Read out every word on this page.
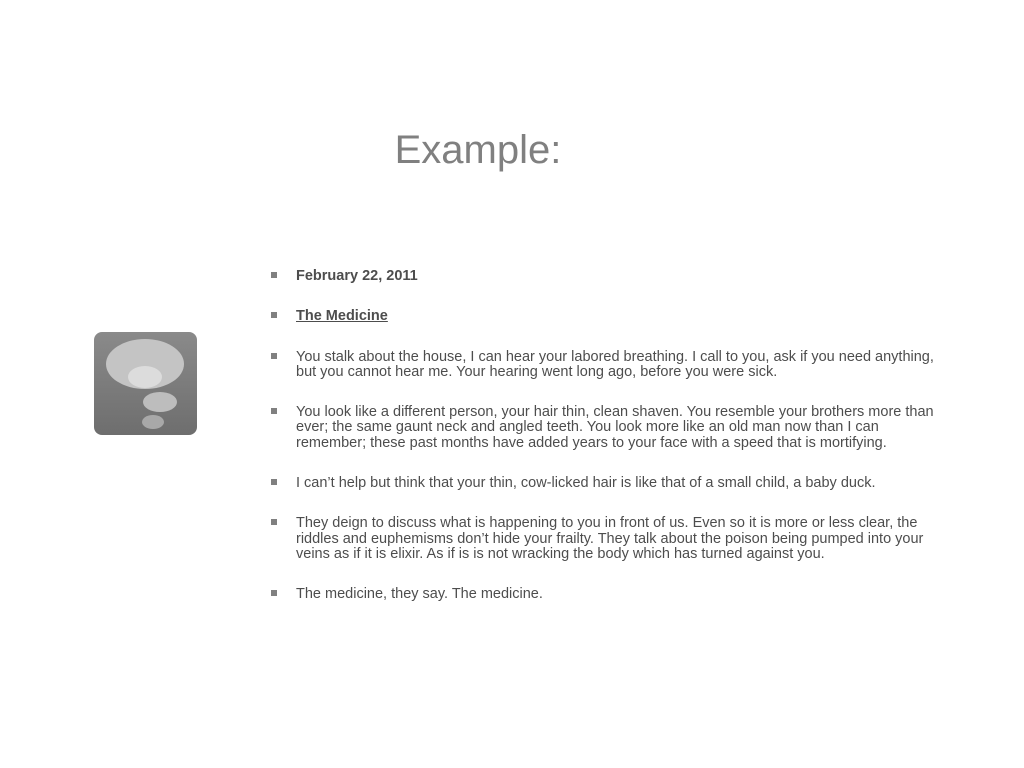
Example:
February 22, 2011
The Medicine
You stalk about the house, I can hear your labored breathing. I call to you, ask if you need anything, but you cannot hear me. Your hearing went long ago, before you were sick.
You look like a different person, your hair thin, clean shaven. You resemble your brothers more than ever; the same gaunt neck and angled teeth. You look more like an old man now than I can remember; these past months have added years to your face with a speed that is mortifying.
I can’t help but think that your thin, cow-licked hair is like that of a small child, a baby duck.
They deign to discuss what is happening to you in front of us. Even so it is more or less clear, the riddles and euphemisms don’t hide your frailty. They talk about the poison being pumped into your veins as if it is elixir. As if is is not wracking the body which has turned against you.
The medicine, they say. The medicine.
